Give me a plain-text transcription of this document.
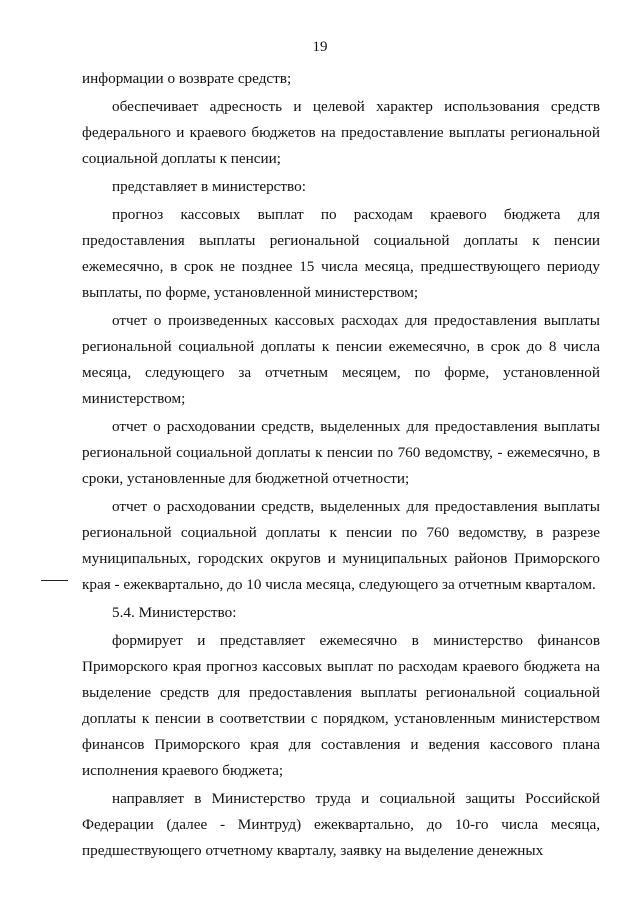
19

информации о возврате средств;

обеспечивает адресность и целевой характер использования средств федерального и краевого бюджетов на предоставление выплаты региональной социальной доплаты к пенсии;

представляет в министерство:

прогноз кассовых выплат по расходам краевого бюджета для предоставления выплаты региональной социальной доплаты к пенсии ежемесячно, в срок не позднее 15 числа месяца, предшествующего периоду выплаты, по форме, установленной министерством;

отчет о произведенных кассовых расходах для предоставления выплаты региональной социальной доплаты к пенсии ежемесячно, в срок до 8 числа месяца, следующего за отчетным месяцем, по форме, установленной министерством;

отчет о расходовании средств, выделенных для предоставления выплаты региональной социальной доплаты к пенсии по 760 ведомству, - ежемесячно, в сроки, установленные для бюджетной отчетности;

отчет о расходовании средств, выделенных для предоставления выплаты региональной социальной доплаты к пенсии по 760 ведомству, в разрезе муниципальных, городских округов и муниципальных районов Приморского края - ежеквартально, до 10 числа месяца, следующего за отчетным кварталом.

5.4. Министерство:

формирует и представляет ежемесячно в министерство финансов Приморского края прогноз кассовых выплат по расходам краевого бюджета на выделение средств для предоставления выплаты региональной социальной доплаты к пенсии в соответствии с порядком, установленным министерством финансов Приморского края для составления и ведения кассового плана исполнения краевого бюджета;

направляет в Министерство труда и социальной защиты Российской Федерации (далее - Минтруд) ежеквартально, до 10-го числа месяца, предшествующего отчетному кварталу, заявку на выделение денежных
